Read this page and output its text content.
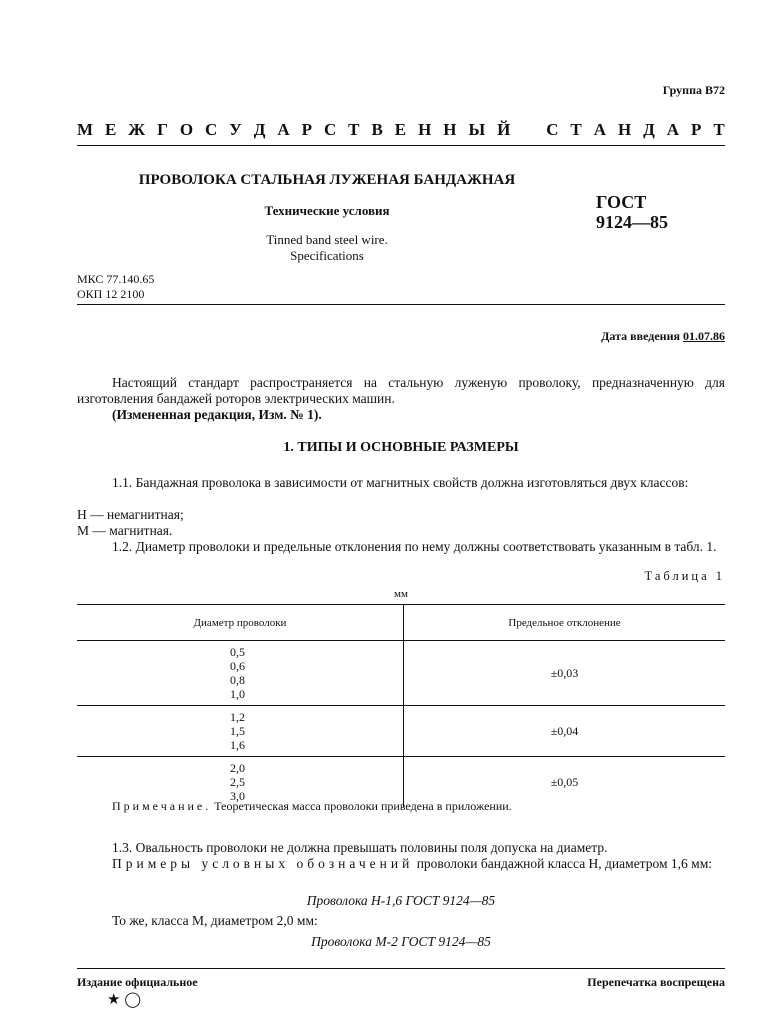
Группа В72
М Е Ж Г О С У Д А Р С Т В Е Н Н Ы Й С Т А Н Д А Р Т
ПРОВОЛОКА СТАЛЬНАЯ ЛУЖЕНАЯ БАНДАЖНАЯ
Технические условия
Tinned band steel wire.
Specifications
ГОСТ
9124—85
МКС 77.140.65
ОКП 12 2100
Дата введения 01.07.86
Настоящий стандарт распространяется на стальную луженую проволоку, предназначенную для изготовления бандажей роторов электрических машин.
(Измененная редакция, Изм. № 1).
1. ТИПЫ И ОСНОВНЫЕ РАЗМЕРЫ
1.1. Бандажная проволока в зависимости от магнитных свойств должна изготовляться двух классов:
Н — немагнитная;
М — магнитная.
1.2. Диаметр проволоки и предельные отклонения по нему должны соответствовать указанным в табл. 1.
Таблица 1
мм
Диаметр проволоки	Предельное отклонение

0,5
0,6
0,8
1,0	±0,03

1,2
1,5
1,6	±0,04

2,0
2,5
3,0	±0,05
Примечание. Теоретическая масса проволоки приведена в приложении.
1.3. Овальность проволоки не должна превышать половины поля допуска на диаметр.
Примеры условных обозначений проволоки бандажной класса Н, диаметром 1,6 мм:
Проволока Н-1,6 ГОСТ 9124—85
То же, класса М, диаметром 2,0 мм:
Проволока М-2 ГОСТ 9124—85
Издание официальное	Перепечатка воспрещена
★ ◯
